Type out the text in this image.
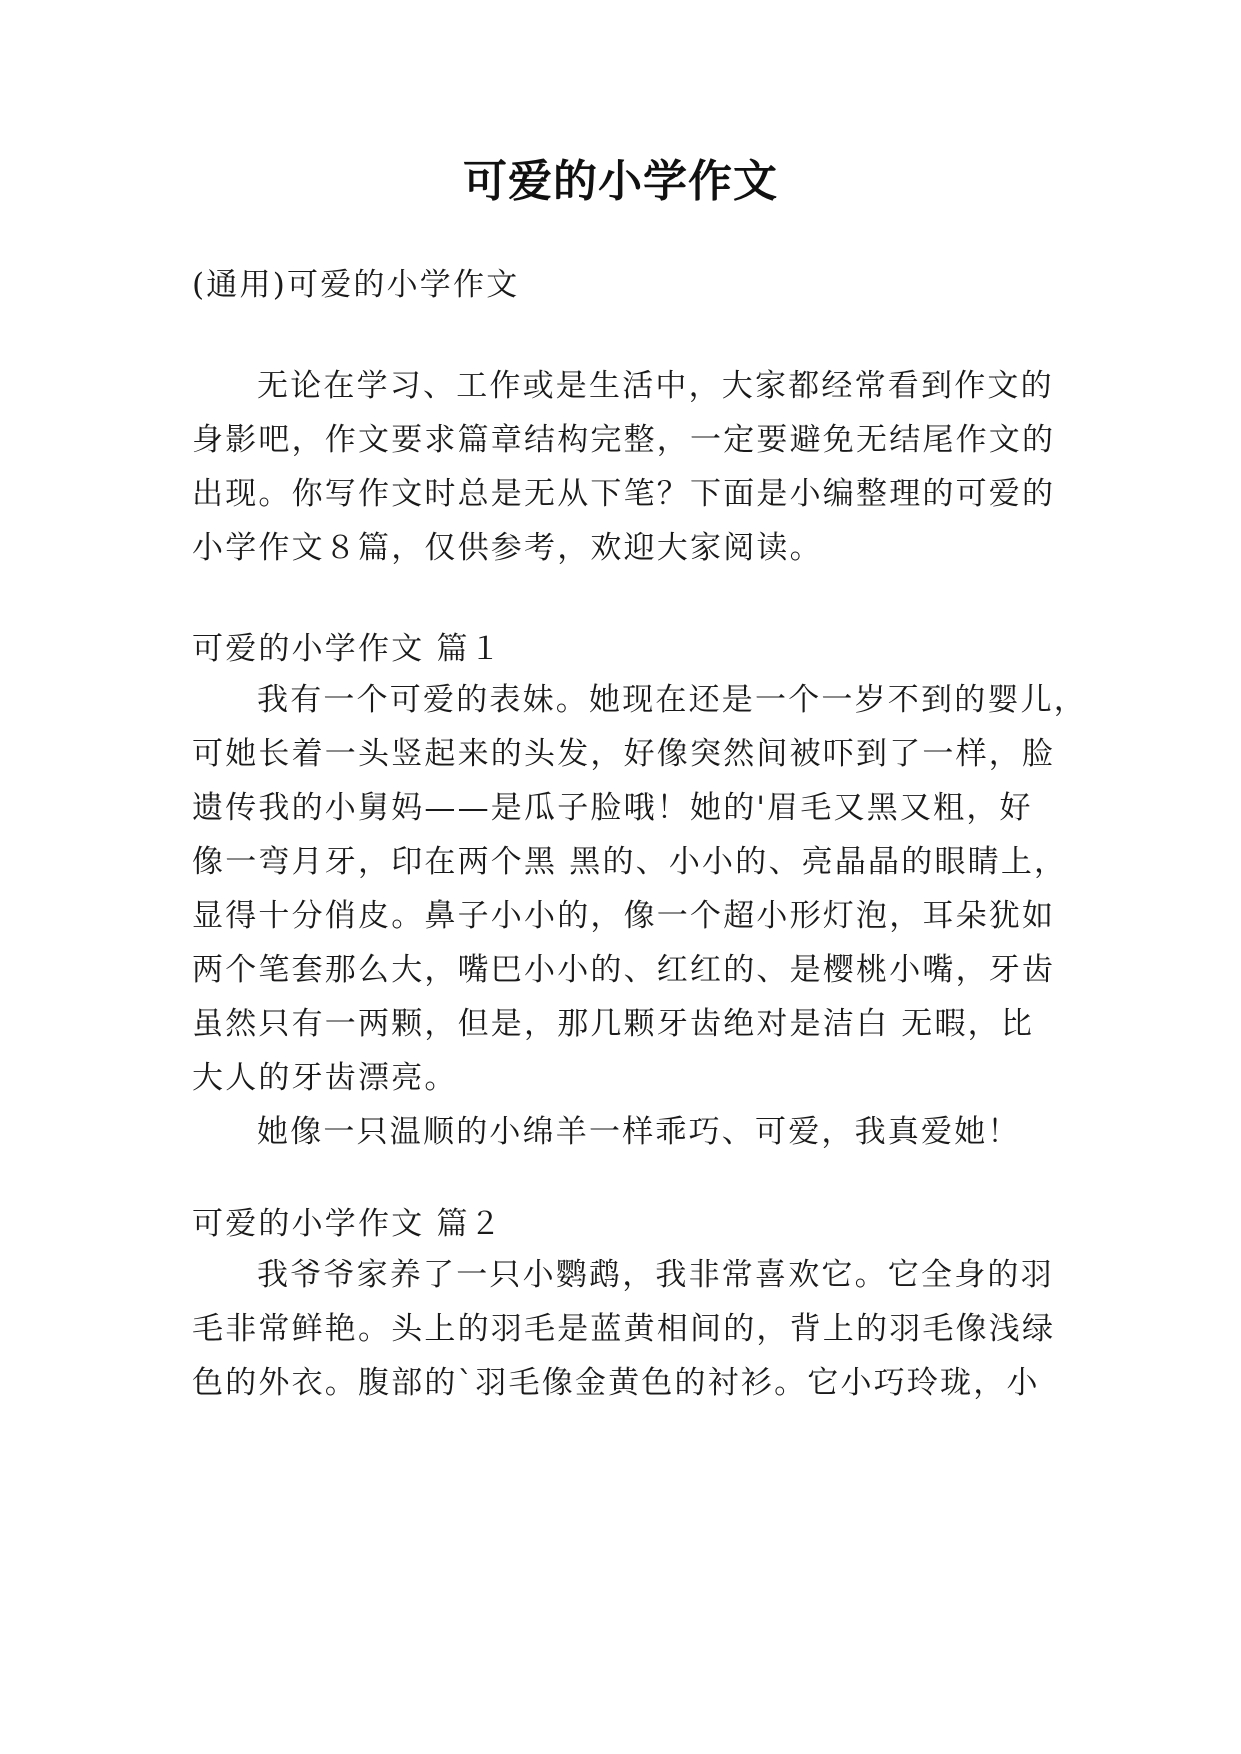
可爱的小学作文
(通用)可爱的小学作文
无论在学习、工作或是生活中，大家都经常看到作文的
身影吧，作文要求篇章结构完整，一定要避免无结尾作文的
出现。你写作文时总是无从下笔？下面是小编整理的可爱的
小学作文８篇，仅供参考，欢迎大家阅读。
可爱的小学作文 篇１
我有一个可爱的表妹。她现在还是一个一岁不到的婴儿，
可她长着一头竖起来的头发，好像突然间被吓到了一样，脸
遗传我的小舅妈——是瓜子脸哦！她的'眉毛又黑又粗，好
像一弯月牙，印在两个黑 黑的、小小的、亮晶晶的眼睛上，
显得十分俏皮。鼻子小小的，像一个超小形灯泡，耳朵犹如
两个笔套那么大，嘴巴小小的、红红的、是樱桃小嘴，牙齿
虽然只有一两颗，但是，那几颗牙齿绝对是洁白 无暇，比
大人的牙齿漂亮。
她像一只温顺的小绵羊一样乖巧、可爱，我真爱她！
可爱的小学作文 篇２
我爷爷家养了一只小鹦鹉，我非常喜欢它。它全身的羽
毛非常鲜艳。头上的羽毛是蓝黄相间的，背上的羽毛像浅绿
色的外衣。腹部的`羽毛像金黄色的衬衫。它小巧玲珑，小
